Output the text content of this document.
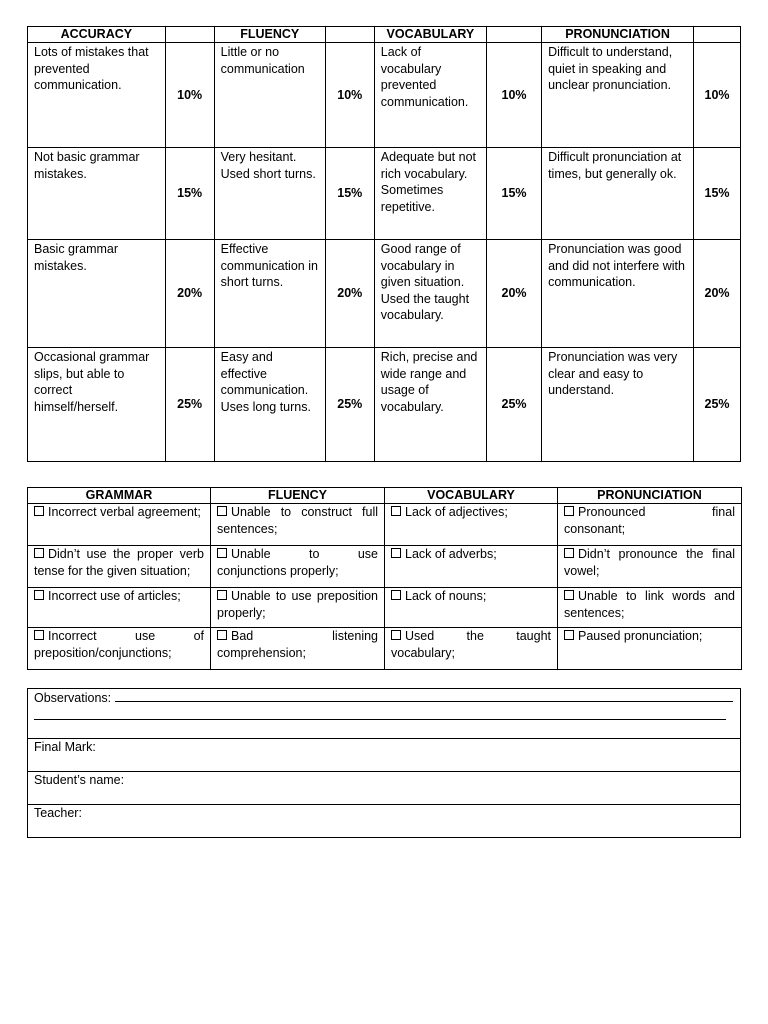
ACCURACY		FLUENCY		VOCABULARY		PRONUNCIATION	
Lots of mistakes that prevented communication.	10%	Little or no communication	10%	Lack of vocabulary prevented communication.	10%	Difficult to understand, quiet in speaking and unclear pronunciation.	10%
Not basic grammar mistakes.	15%	Very hesitant. Used short turns.	15%	Adequate but not rich vocabulary. Sometimes repetitive.	15%	Difficult pronunciation at times, but generally ok.	15%
Basic grammar mistakes.	20%	Effective communication in short turns.	20%	Good range of vocabulary in given situation. Used the taught vocabulary.	20%	Pronunciation was good and did not interfere with communication.	20%
Occasional grammar slips, but able to correct himself/herself.	25%	Easy and effective communication. Uses long turns.	25%	Rich, precise and wide range and usage of vocabulary.	25%	Pronunciation was very clear and easy to understand.	25%
GRAMMAR	FLUENCY	VOCABULARY	PRONUNCIATION
Incorrect verbal agreement;	Unable to construct full sentences;	Lack of adjectives;	Pronounced final consonant;
Didn’t use the proper verb tense for the given situation;	Unable to use conjunctions properly;	Lack of adverbs;	Didn’t pronounce the final vowel;
Incorrect use of articles;	Unable to use preposition properly;	Lack of nouns;	Unable to link words and sentences;
Incorrect use of preposition/conjunctions;	Bad listening comprehension;	Used the taught vocabulary;	Paused pronunciation;
Observations:

Final Mark:
Student’s name:
Teacher:
